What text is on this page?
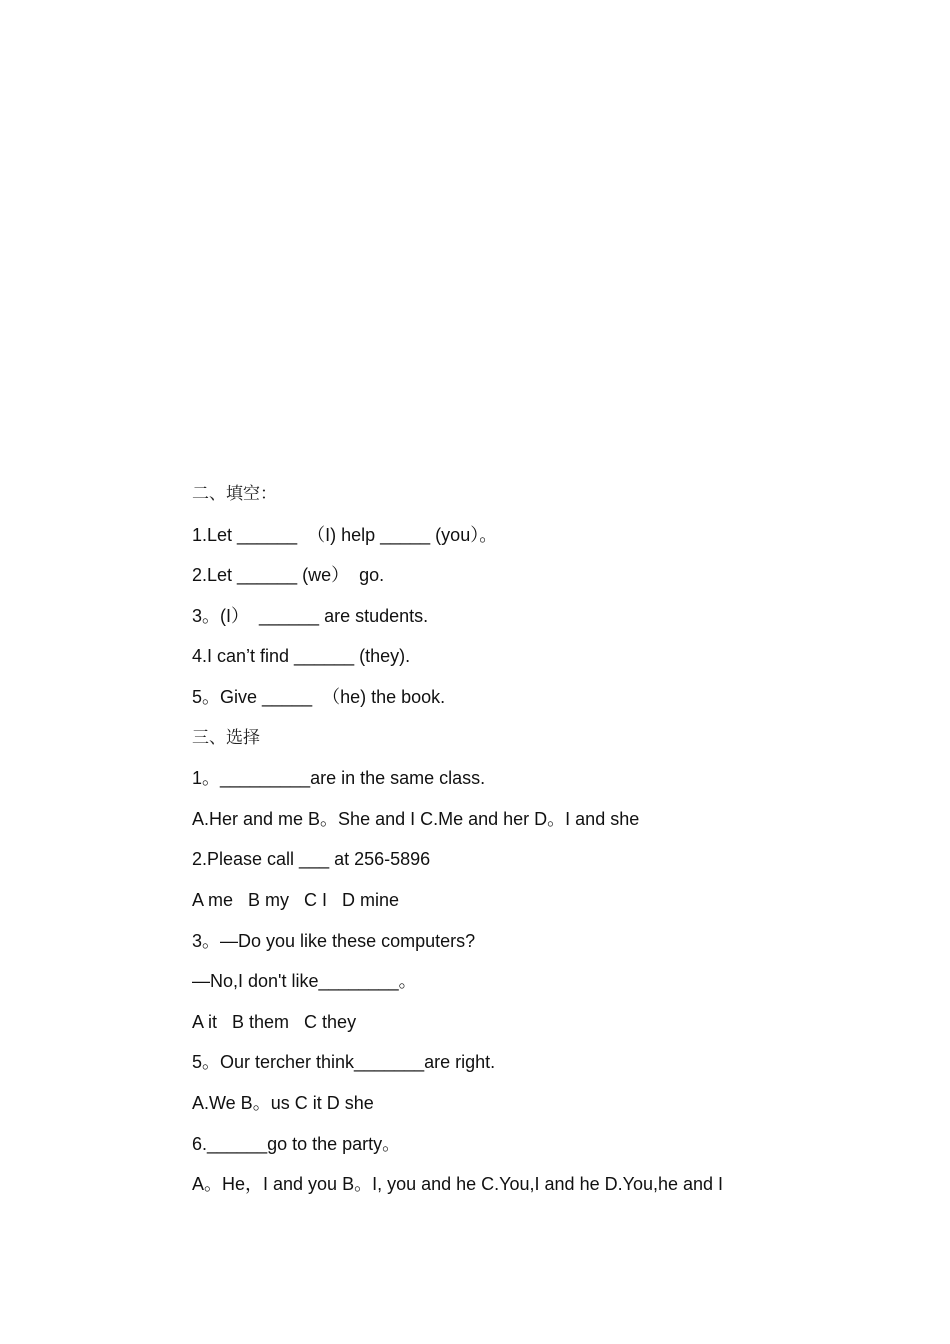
二、填空：
1.Let ______  （I) help _____ (you）。
2.Let ______ (we）  go.
3。(I）  ______ are students.
4.I can’t find ______ (they).
5。Give _____  （he) the book.
三、选择
1。_________are in the same class.
A.Her and me B。She and I C.Me and her D。I and she
2.Please call ___ at 256-5896
A me   B my   C I   D mine
3。—Do you like these computers?
—No,I don't like________。
A it   B them   C they
5。Our tercher think_______are right.
A.We B。us C it D she
6.______go to the party。
A。He，I and you B。I, you and he C.You,I and he D.You,he and I
